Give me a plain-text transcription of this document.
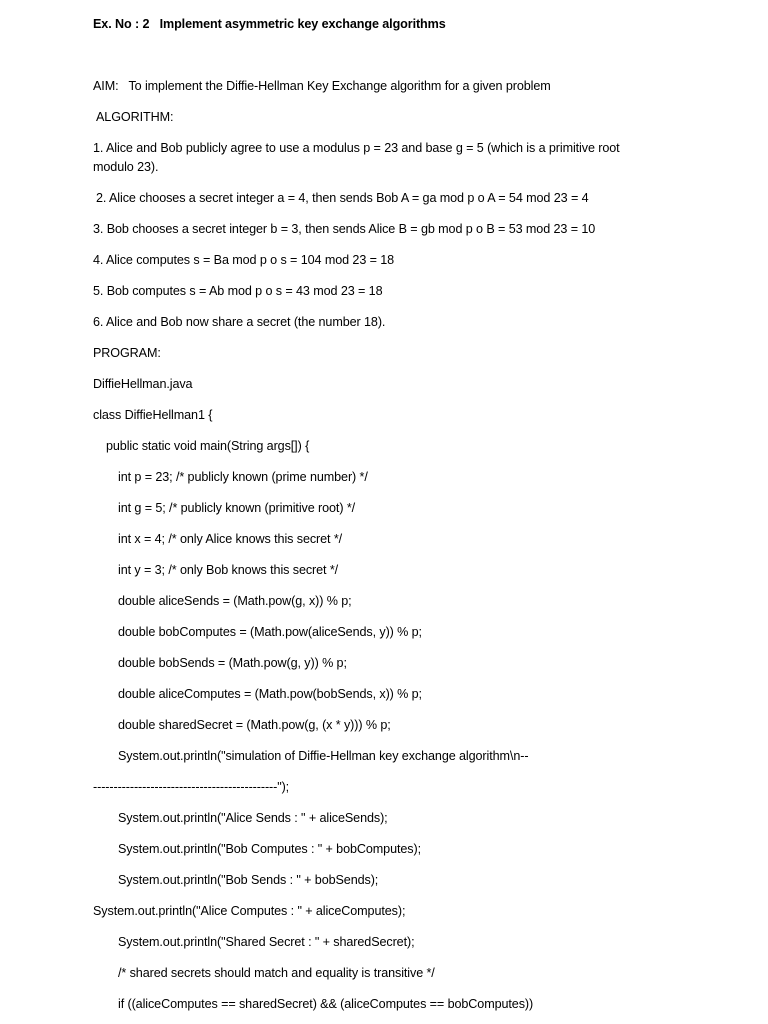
Ex. No : 2   Implement asymmetric key exchange algorithms
AIM:   To implement the Diffie-Hellman Key Exchange algorithm for a given problem
ALGORITHM:
1. Alice and Bob publicly agree to use a modulus p = 23 and base g = 5 (which is a primitive root modulo 23).
2. Alice chooses a secret integer a = 4, then sends Bob A = ga mod p o A = 54 mod 23 = 4
3. Bob chooses a secret integer b = 3, then sends Alice B = gb mod p o B = 53 mod 23 = 10
4. Alice computes s = Ba mod p o s = 104 mod 23 = 18
5. Bob computes s = Ab mod p o s = 43 mod 23 = 18
6. Alice and Bob now share a secret (the number 18).
PROGRAM:
DiffieHellman.java
class DiffieHellman1 {
public static void main(String args[]) {
int p = 23; /* publicly known (prime number) */
int g = 5; /* publicly known (primitive root) */
int x = 4; /* only Alice knows this secret */
int y = 3; /* only Bob knows this secret */
double aliceSends = (Math.pow(g, x)) % p;
double bobComputes = (Math.pow(aliceSends, y)) % p;
double bobSends = (Math.pow(g, y)) % p;
double aliceComputes = (Math.pow(bobSends, x)) % p;
double sharedSecret = (Math.pow(g, (x * y))) % p;
System.out.println("simulation of Diffie-Hellman key exchange algorithm\n--
---------------------------------------------");
System.out.println("Alice Sends : " + aliceSends);
System.out.println("Bob Computes : " + bobComputes);
System.out.println("Bob Sends : " + bobSends);
System.out.println("Alice Computes : " + aliceComputes);
System.out.println("Shared Secret : " + sharedSecret);
/* shared secrets should match and equality is transitive */
if ((aliceComputes == sharedSecret) && (aliceComputes == bobComputes))
